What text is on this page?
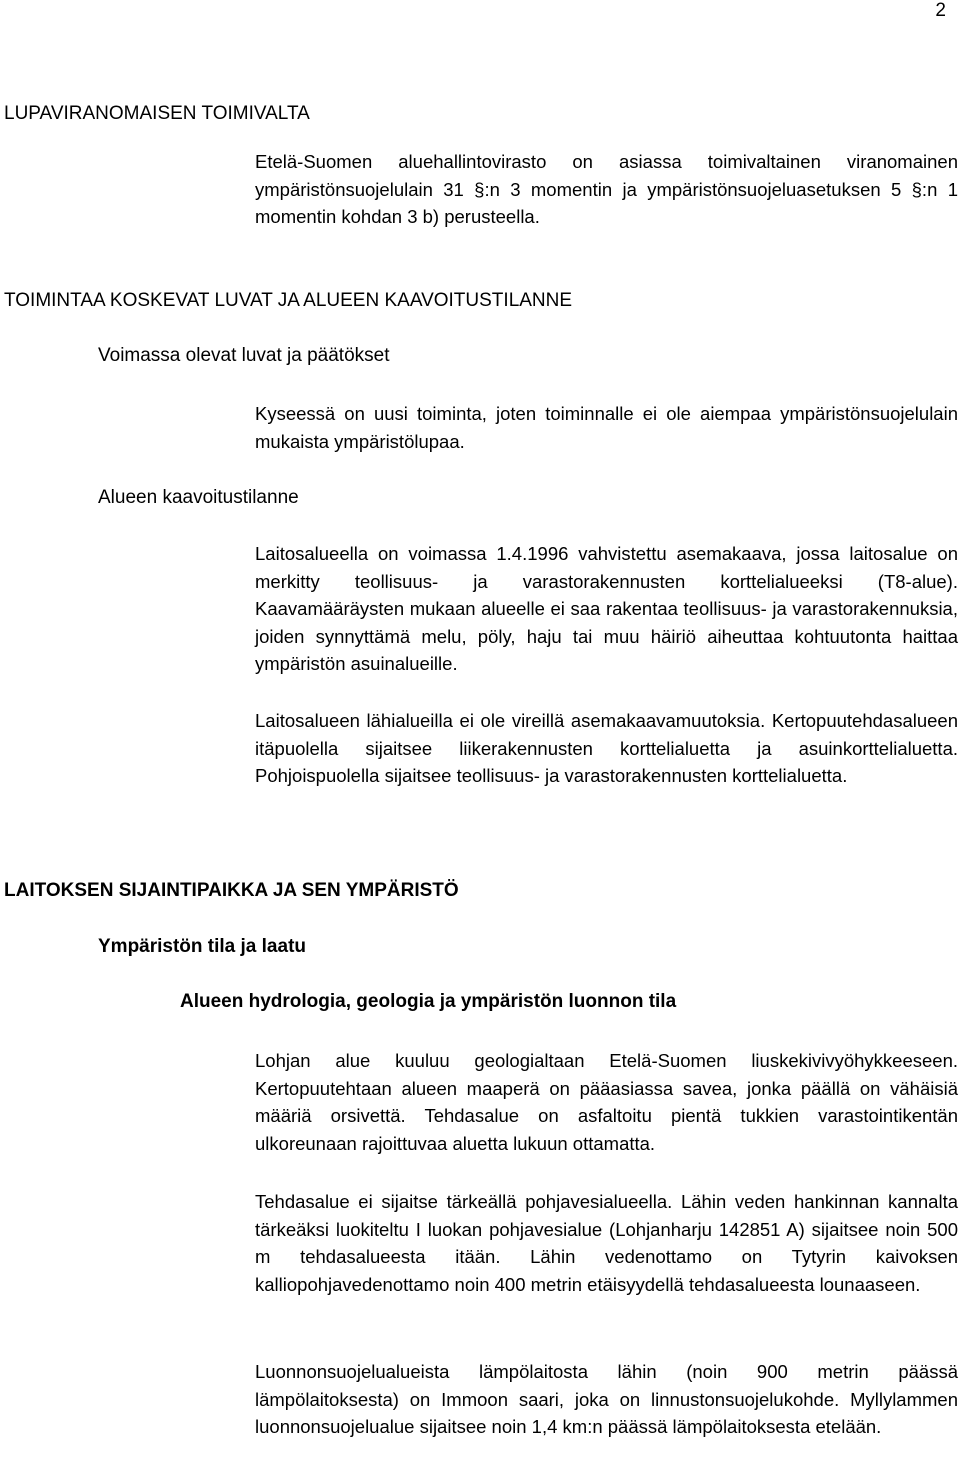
2
LUPAVIRANOMAISEN TOIMIVALTA

Etelä-Suomen aluehallintovirasto on asiassa toimivaltainen viranomainen ympäristönsuojelulain 31 §:n 3 momentin ja ympäristönsuojeluasetuksen 5 §:n 1 momentin kohdan 3 b) perusteella.

TOIMINTAA KOSKEVAT LUVAT JA ALUEEN KAAVOITUSTILANNE
Voimassa olevat luvat ja päätökset

Kyseessä on uusi toiminta, joten toiminnalle ei ole aiempaa ympäristönsuojelulain mukaista ympäristölupaa.

Alueen kaavoitustilanne

Laitosalueella on voimassa 1.4.1996 vahvistettu asemakaava, jossa laitosalue on merkitty teollisuus- ja varastorakennusten korttelialueeksi (T8-alue). Kaavamääräysten mukaan alueelle ei saa rakentaa teollisuus- ja varastorakennuksia, joiden synnyttämä melu, pöly, haju tai muu häiriö aiheuttaa kohtuutonta haittaa ympäristön asuinalueille.

Laitosalueen lähialueilla ei ole vireillä asemakaavamuutoksia. Kertopuutehdasalueen itäpuolella sijaitsee liikerakennusten korttelialuetta ja asuinkorttelialuetta. Pohjoispuolella sijaitsee teollisuus- ja varastorakennusten korttelialuetta.

LAITOKSEN SIJAINTIPAIKKA JA SEN YMPÄRISTÖ
Ympäristön tila ja laatu
Alueen hydrologia, geologia ja ympäristön luonnon tila

Lohjan alue kuuluu geologialtaan Etelä-Suomen liuskekivivyöhykkeeseen. Kertopuutehtaan alueen maaperä on pääasiassa savea, jonka päällä on vähäisiä määriä orsivettä. Tehdasalue on asfaltoitu pientä tukkien varastointikentän ulkoreunaan rajoittuvaa aluetta lukuun ottamatta.

Tehdasalue ei sijaitse tärkeällä pohjavesialueella. Lähin veden hankinnan kannalta tärkeäksi luokiteltu I luokan pohjavesialue (Lohjanharju 142851 A) sijaitsee noin 500 m tehdasalueesta itään. Lähin vedenottamo on Tytyrin kaivoksen kalliopohjavedenottamo noin 400 metrin etäisyydellä tehdasalueesta lounaaseen.

Luonnonsuojelualueista lämpölaitosta lähin (noin 900 metrin päässä lämpölaitoksesta) on Immoon saari, joka on linnustonsuojelukohde. Myllylammen luonnonsuojelualue sijaitsee noin 1,4 km:n päässä lämpölaitoksesta etelään.
